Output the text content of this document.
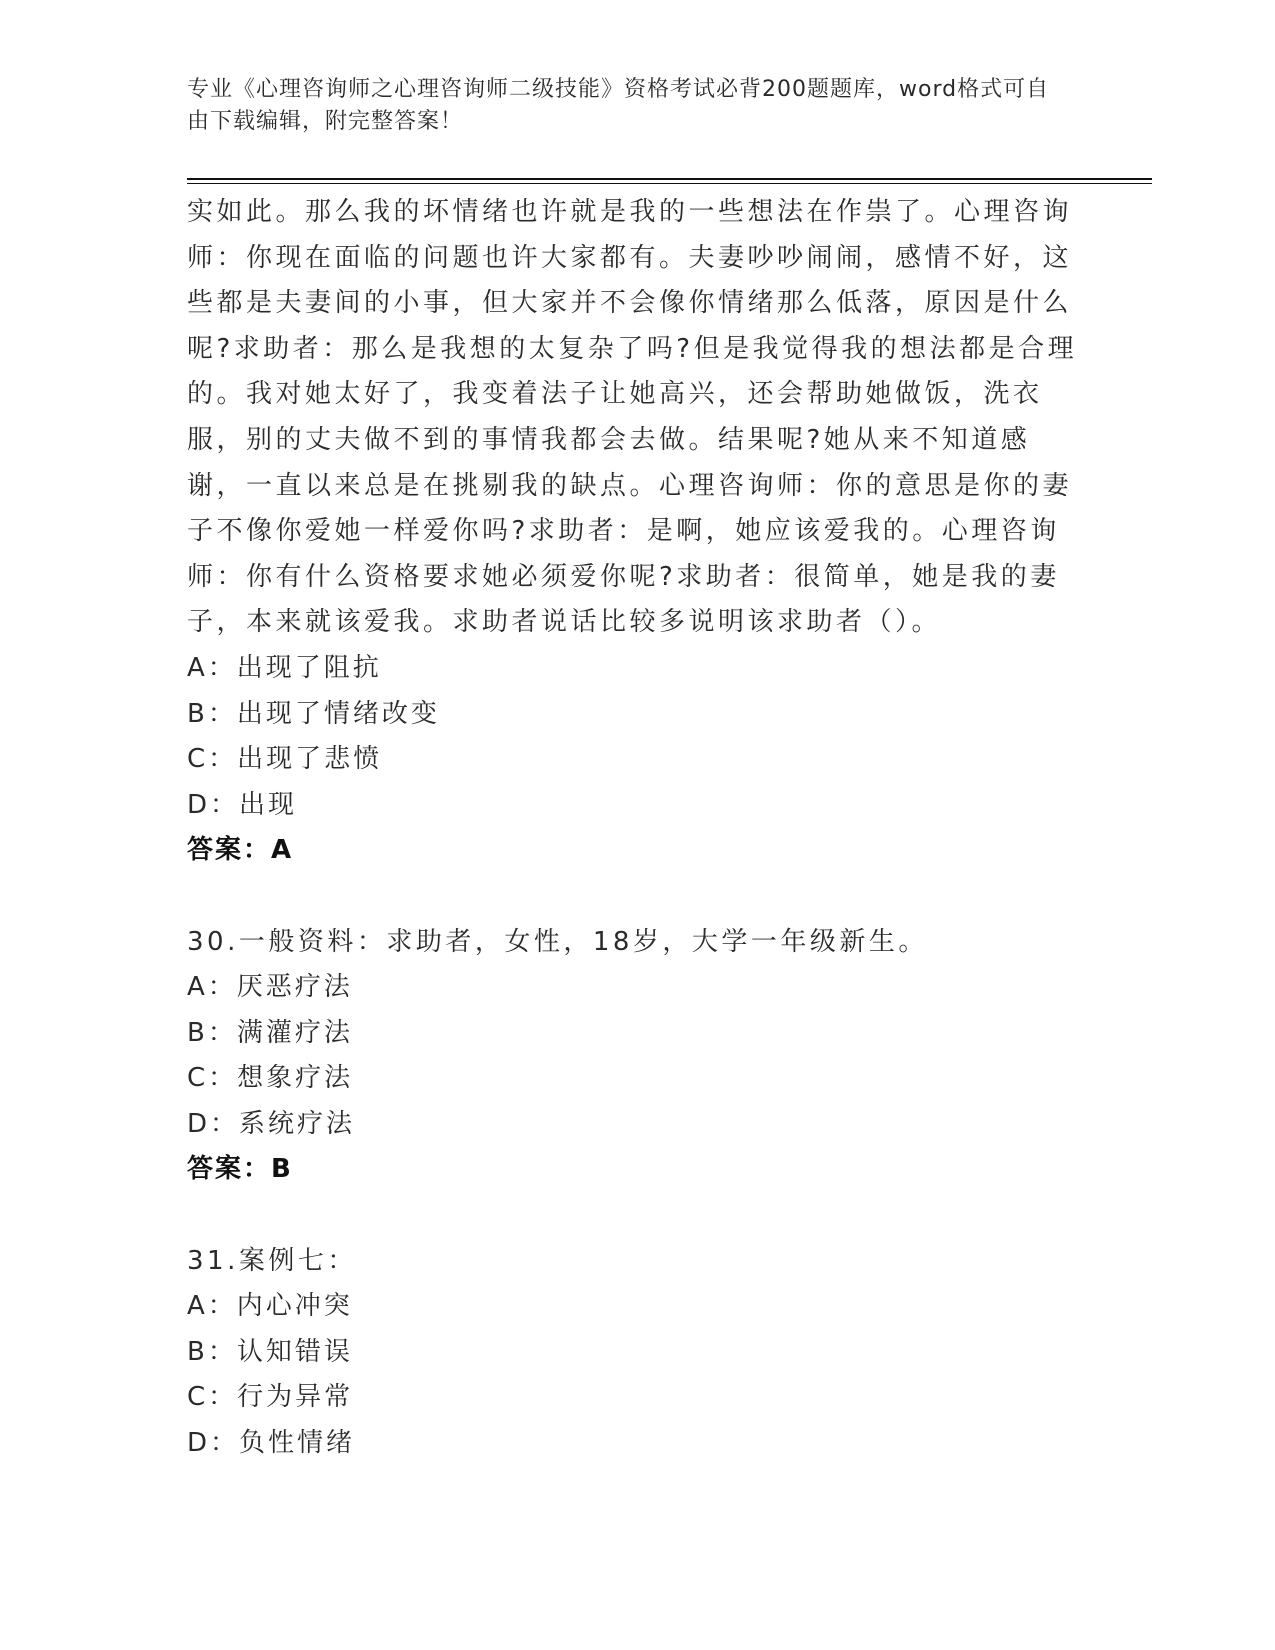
专业《心理咨询师之心理咨询师二级技能》资格考试必背200题题库，word格式可自由下载编辑，附完整答案！

实如此。那么我的坏情绪也许就是我的一些想法在作祟了。心理咨询师：你现在面临的问题也许大家都有。夫妻吵吵闹闹，感情不好，这些都是夫妻间的小事，但大家并不会像你情绪那么低落，原因是什么呢?求助者：那么是我想的太复杂了吗?但是我觉得我的想法都是合理的。我对她太好了，我变着法子让她高兴，还会帮助她做饭，洗衣服，别的丈夫做不到的事情我都会去做。结果呢?她从来不知道感谢，一直以来总是在挑剔我的缺点。心理咨询师：你的意思是你的妻子不像你爱她一样爱你吗?求助者：是啊，她应该爱我的。心理咨询师：你有什么资格要求她必须爱你呢?求助者：很简单，她是我的妻子，本来就该爱我。求助者说话比较多说明该求助者（）。

A：出现了阻抗

B：出现了情绪改变

C：出现了悲愤

D：出现

答案：A

30.一般资料：求助者，女性，18岁，大学一年级新生。

A：厌恶疗法

B：满灌疗法

C：想象疗法

D：系统疗法

答案：B

31.案例七：

A：内心冲突

B：认知错误

C：行为异常

D：负性情绪
